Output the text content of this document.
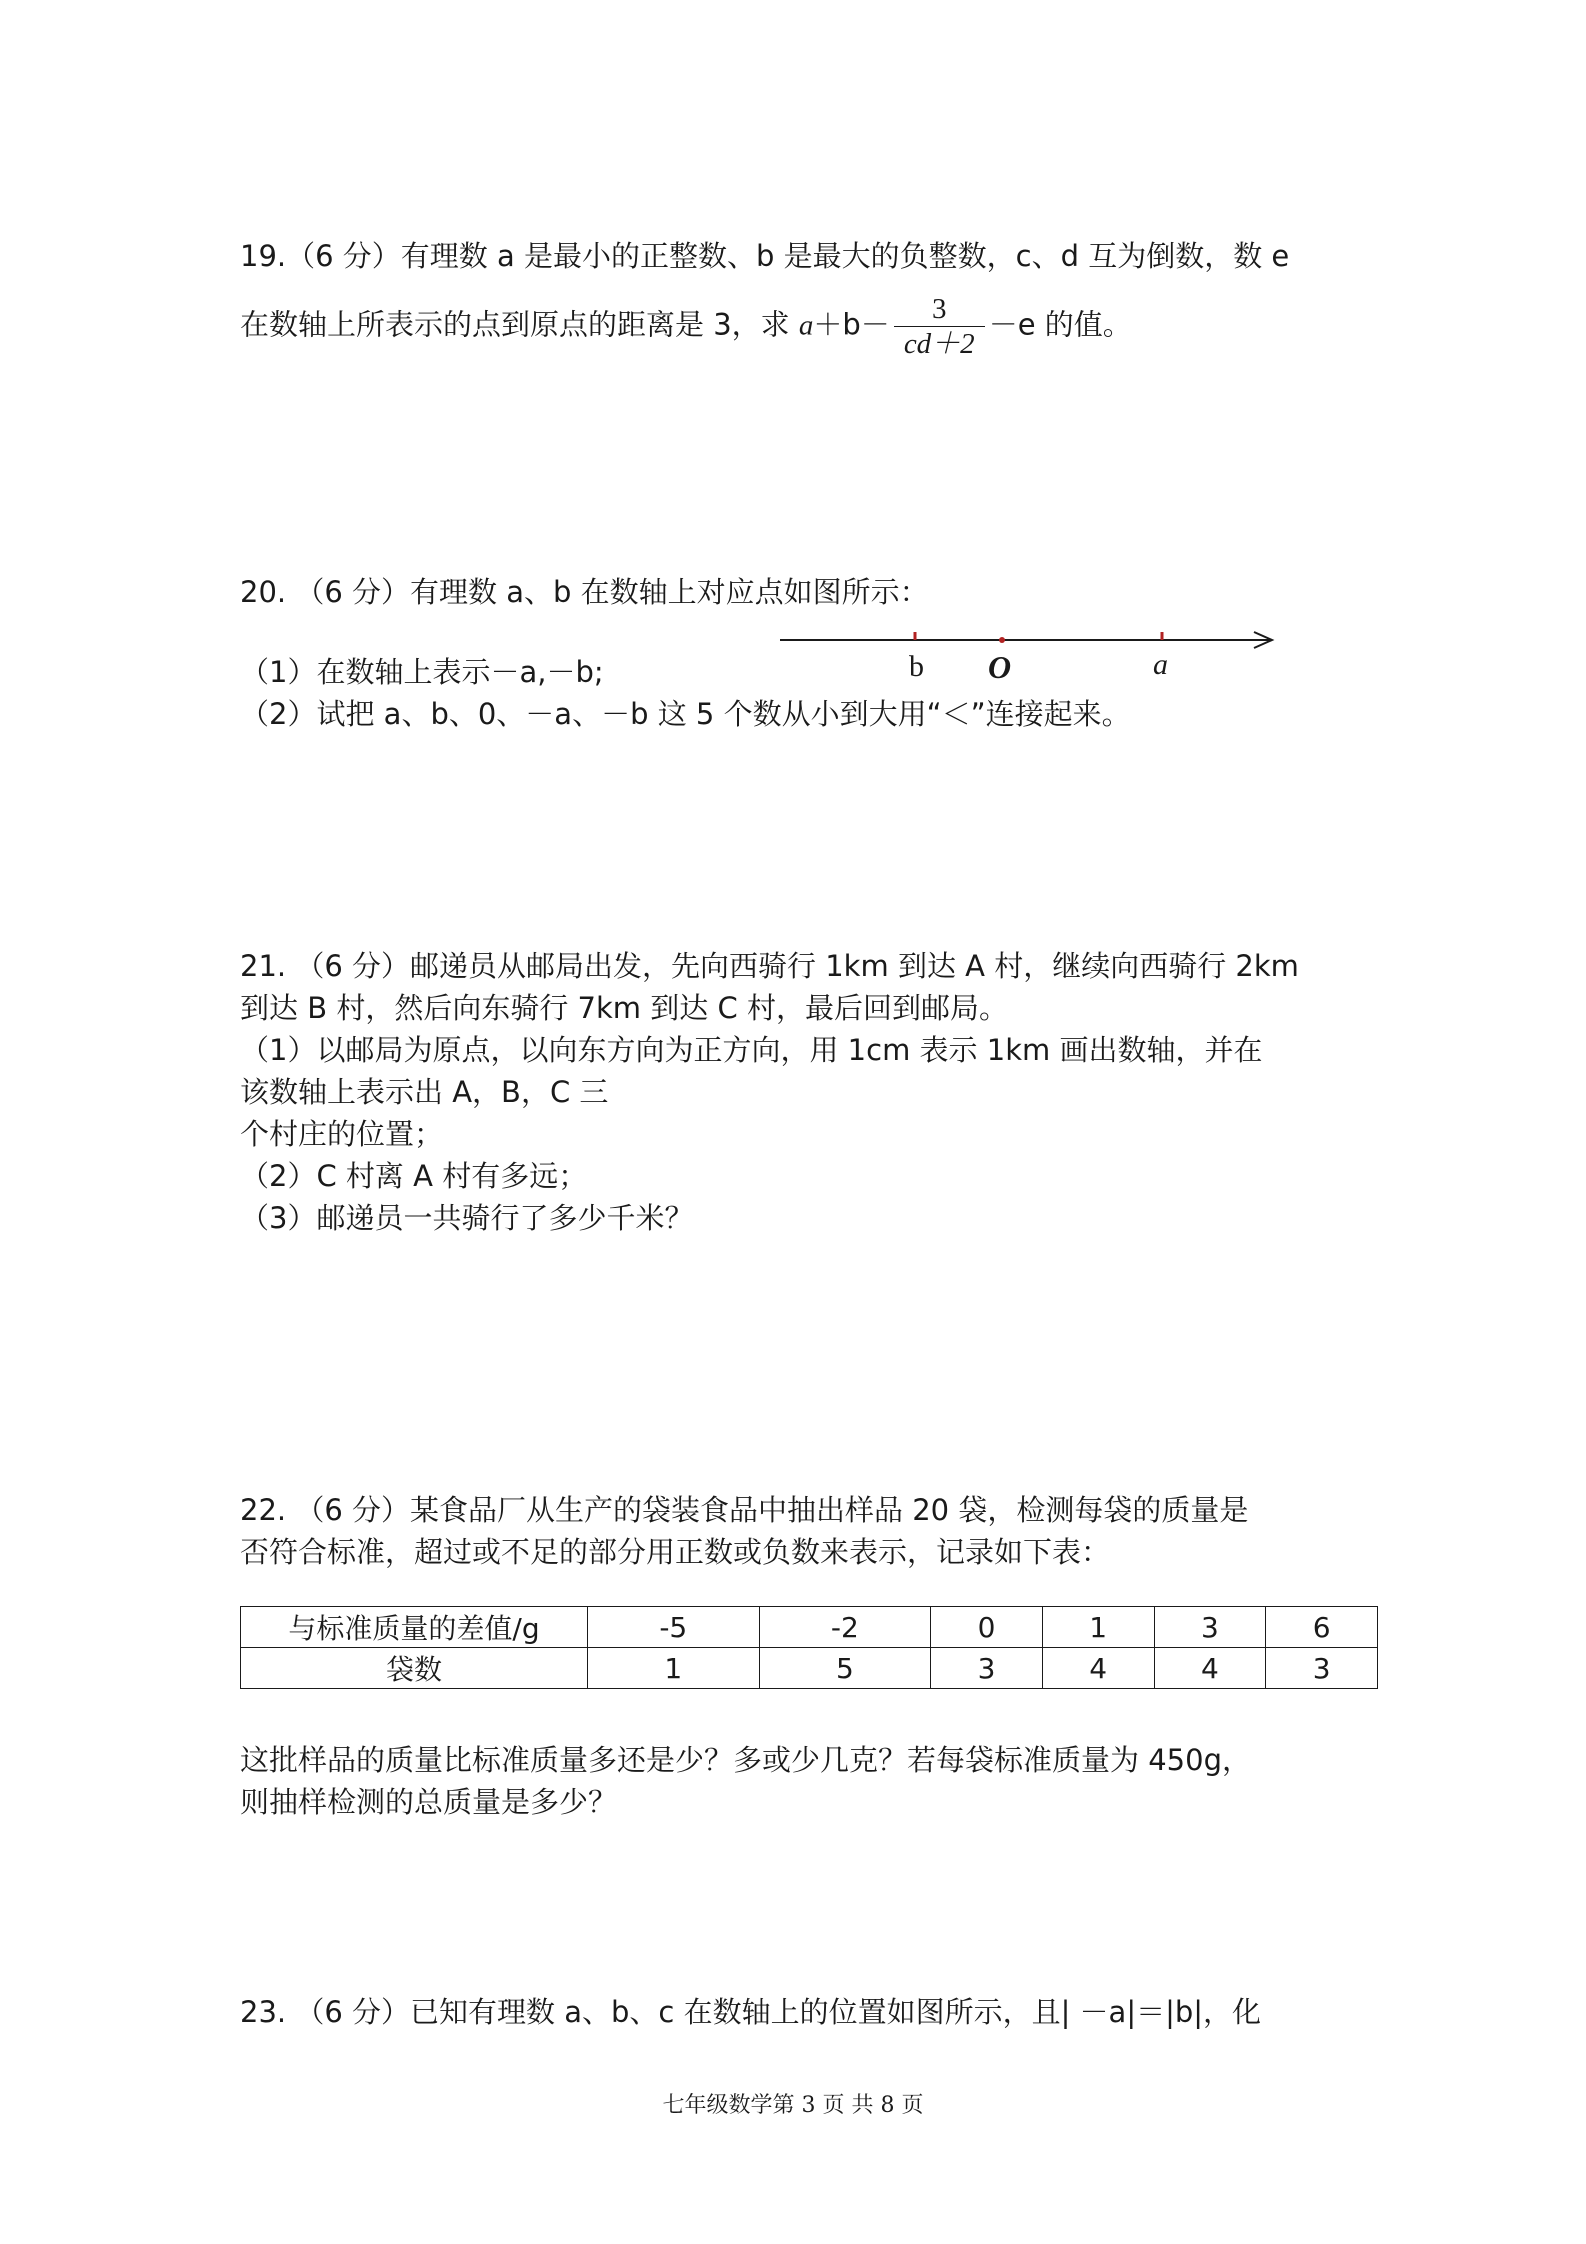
19.（6 分）有理数 a 是最小的正整数、b 是最大的负整数，c、d 互为倒数，数 e
在数轴上所表示的点到原点的距离是 3，求 $a+b- \frac{3}{cd+2} -e$ 的值。
20. （6 分）有理数 a、b 在数轴上对应点如图所示：
b O	a
（1）在数轴上表示－a,－b;
（2）试把 a、b、0、－a、－b 这 5 个数从小到大用“＜”连接起来。
21. （6 分）邮递员从邮局出发，先向西骑行 1km 到达 A 村，继续向西骑行 2km
到达 B 村，然后向东骑行 7km 到达 C 村，最后回到邮局。
（1）以邮局为原点，以向东方向为正方向，用 1cm 表示 1km 画出数轴，并在
该数轴上表示出 A，B，C 三
个村庄的位置；
（2）C 村离 A 村有多远；
（3）邮递员一共骑行了多少千米？
22. （6 分）某食品厂从生产的袋装食品中抽出样品 20 袋，检测每袋的质量是
否符合标准，超过或不足的部分用正数或负数来表示，记录如下表：
与标准质量的差值/g	-5	-2	0	1	3	6
袋数	1	5	3	4	4	3
这批样品的质量比标准质量多还是少？多或少几克？若每袋标准质量为 450g，
则抽样检测的总质量是多少？
23. （6 分）已知有理数 a、b、c 在数轴上的位置如图所示，且| －a|＝|b|，化
七年级数学第 3 页 共 8 页
